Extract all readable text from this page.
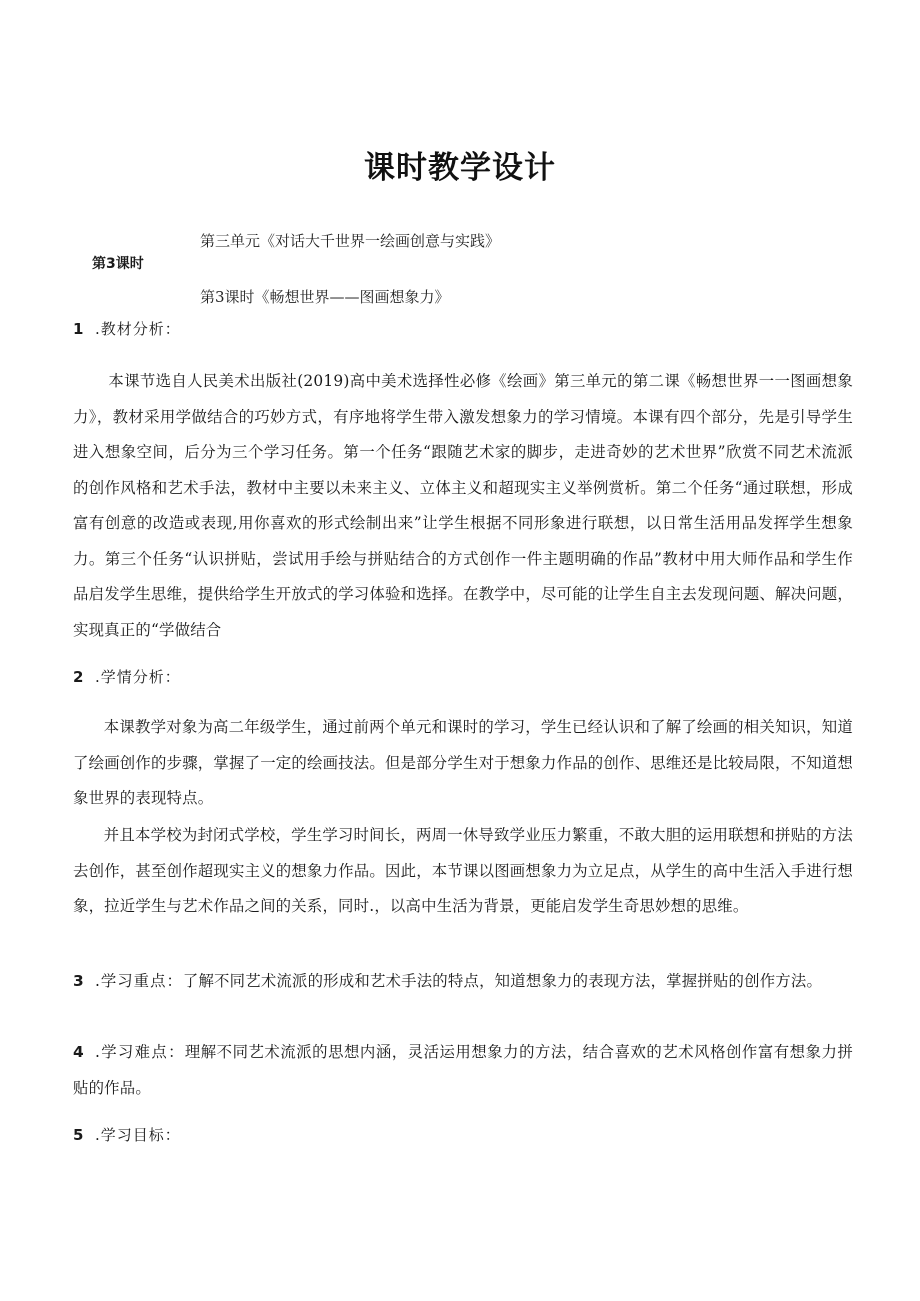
课时教学设计
第三单元《对话大千世界一绘画创意与实践》
第3课时
第3课时《畅想世界——图画想象力》
1 .教材分析：

本课节选自人民美术出版社(2019)高中美术选择性必修《绘画》第三单元的第二课《畅想世界一一图画想象力》，教材采用学做结合的巧妙方式，有序地将学生带入激发想象力的学习情境。本课有四个部分，先是引导学生进入想象空间，后分为三个学习任务。第一个任务“跟随艺术家的脚步，走进奇妙的艺术世界”欣赏不同艺术流派的创作风格和艺术手法，教材中主要以未来主义、立体主义和超现实主义举例赏析。第二个任务“通过联想，形成富有创意的改造或表现,用你喜欢的形式绘制出来”让学生根据不同形象进行联想，以日常生活用品发挥学生想象力。第三个任务“认识拼贴，尝试用手绘与拼贴结合的方式创作一件主题明确的作品”教材中用大师作品和学生作品启发学生思维，提供给学生开放式的学习体验和选择。在教学中，尽可能的让学生自主去发现问题、解决问题，实现真正的“学做结合

2 .学情分析：

本课教学对象为高二年级学生，通过前两个单元和课时的学习，学生已经认识和了解了绘画的相关知识，知道了绘画创作的步骤，掌握了一定的绘画技法。但是部分学生对于想象力作品的创作、思维还是比较局限，不知道想象世界的表现特点。

并且本学校为封闭式学校，学生学习时间长，两周一休导致学业压力繁重，不敢大胆的运用联想和拼贴的方法去创作，甚至创作超现实主义的想象力作品。因此，本节课以图画想象力为立足点，从学生的高中生活入手进行想象，拉近学生与艺术作品之间的关系，同时.，以高中生活为背景，更能启发学生奇思妙想的思维。

3 .学习重点：了解不同艺术流派的形成和艺术手法的特点，知道想象力的表现方法，掌握拼贴的创作方法。

4 .学习难点：理解不同艺术流派的思想内涵，灵活运用想象力的方法，结合喜欢的艺术风格创作富有想象力拼贴的作品。

5 .学习目标：
